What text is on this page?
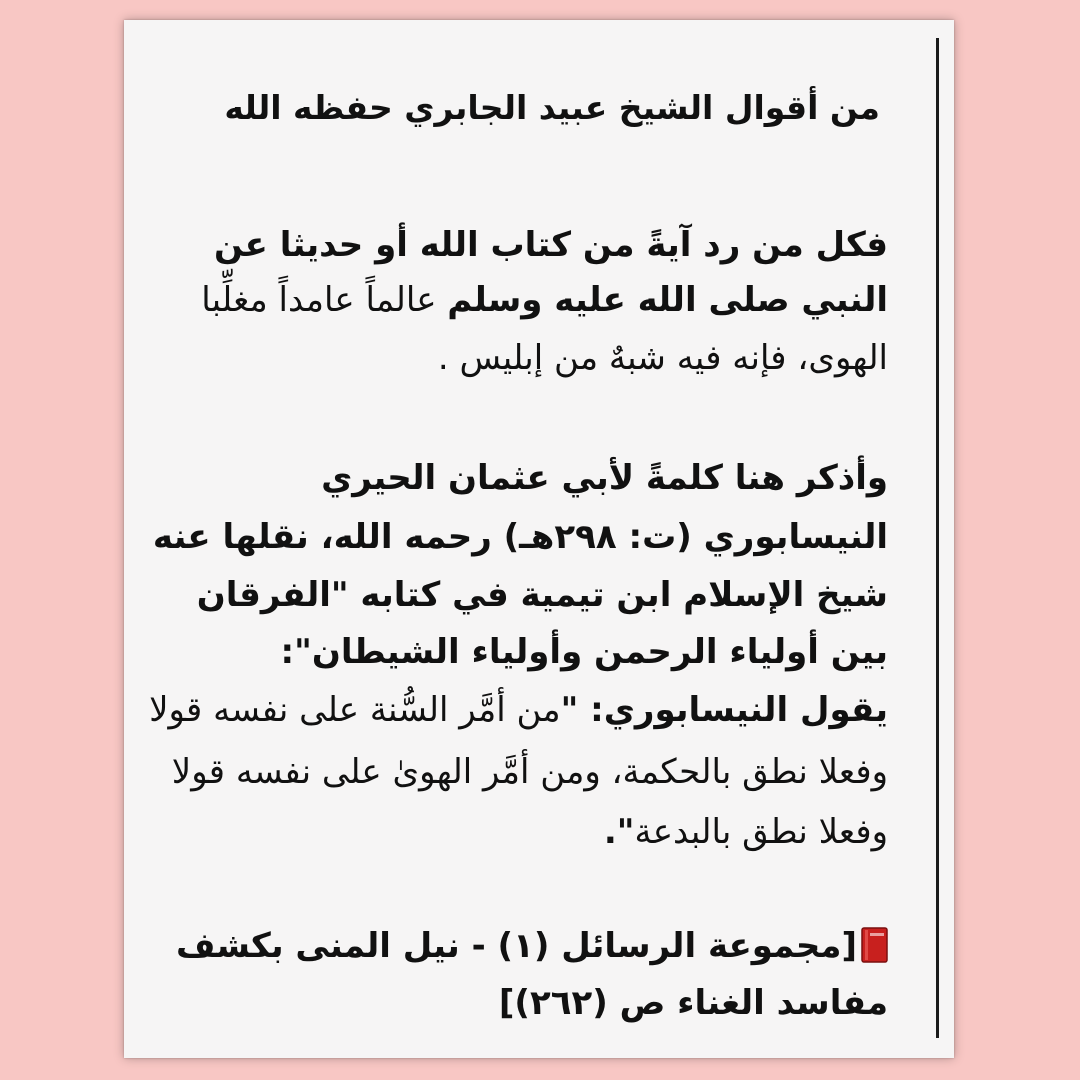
من أقوال الشيخ عبيد الجابري حفظه الله
فكل من رد آيةً من كتاب الله أو حديثا عن
النبي صلى الله عليه وسلم عالماً عامداً مغلِّبا
الهوى، فإنه فيه شبهٌ من إبليس .
وأذكر هنا كلمةً لأبي عثمان الحيري
النيسابوري (ت: ٢٩٨هـ) رحمه الله، نقلها عنه
شيخ الإسلام ابن تيمية في كتابه "الفرقان
بين أولياء الرحمن وأولياء الشيطان":
يقول النيسابوري: "من أمَّر السُّنة على نفسه قولا
وفعلا نطق بالحكمة، ومن أمَّر الهوىٰ على نفسه قولا
وفعلا نطق بالبدعة".
[مجموعة الرسائل (١) - نيل المنى بكشف
مفاسد الغناء ص (٢٦٢)]
